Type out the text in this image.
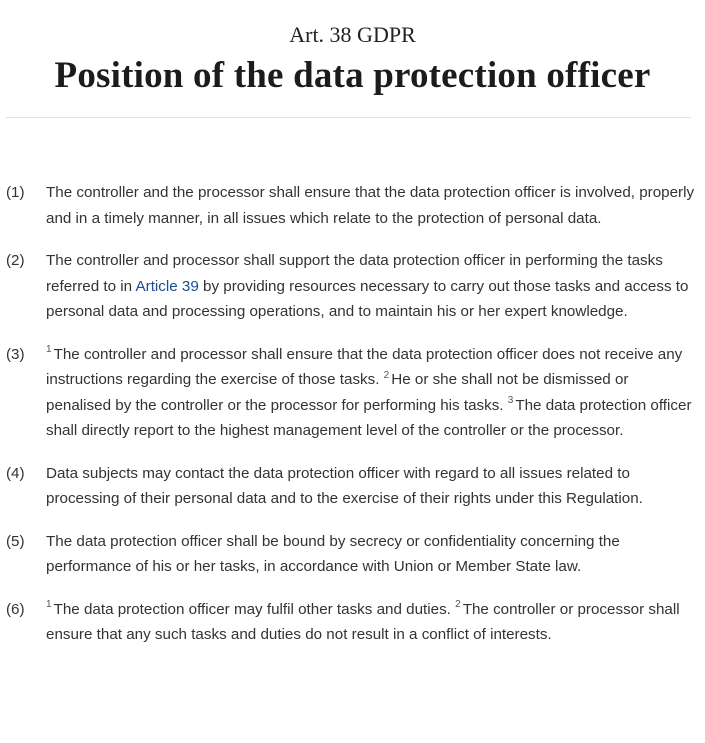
Art. 38 GDPR
Position of the data protection officer
(1)	The controller and the processor shall ensure that the data protection officer is involved, properly and in a timely manner, in all issues which relate to the protection of personal data.
(2)	The controller and processor shall support the data protection officer in performing the tasks referred to in Article 39 by providing resources necessary to carry out those tasks and access to personal data and processing operations, and to maintain his or her expert knowledge.
(3)	$^1$ The controller and processor shall ensure that the data protection officer does not receive any instructions regarding the exercise of those tasks. $^2$ He or she shall not be dismissed or penalised by the controller or the processor for performing his tasks. $^3$ The data protection officer shall directly report to the highest management level of the controller or the processor.
(4)	Data subjects may contact the data protection officer with regard to all issues related to processing of their personal data and to the exercise of their rights under this Regulation.
(5)	The data protection officer shall be bound by secrecy or confidentiality concerning the performance of his or her tasks, in accordance with Union or Member State law.
(6)	$^1$ The data protection officer may fulfil other tasks and duties. $^2$ The controller or processor shall ensure that any such tasks and duties do not result in a conflict of interests.
